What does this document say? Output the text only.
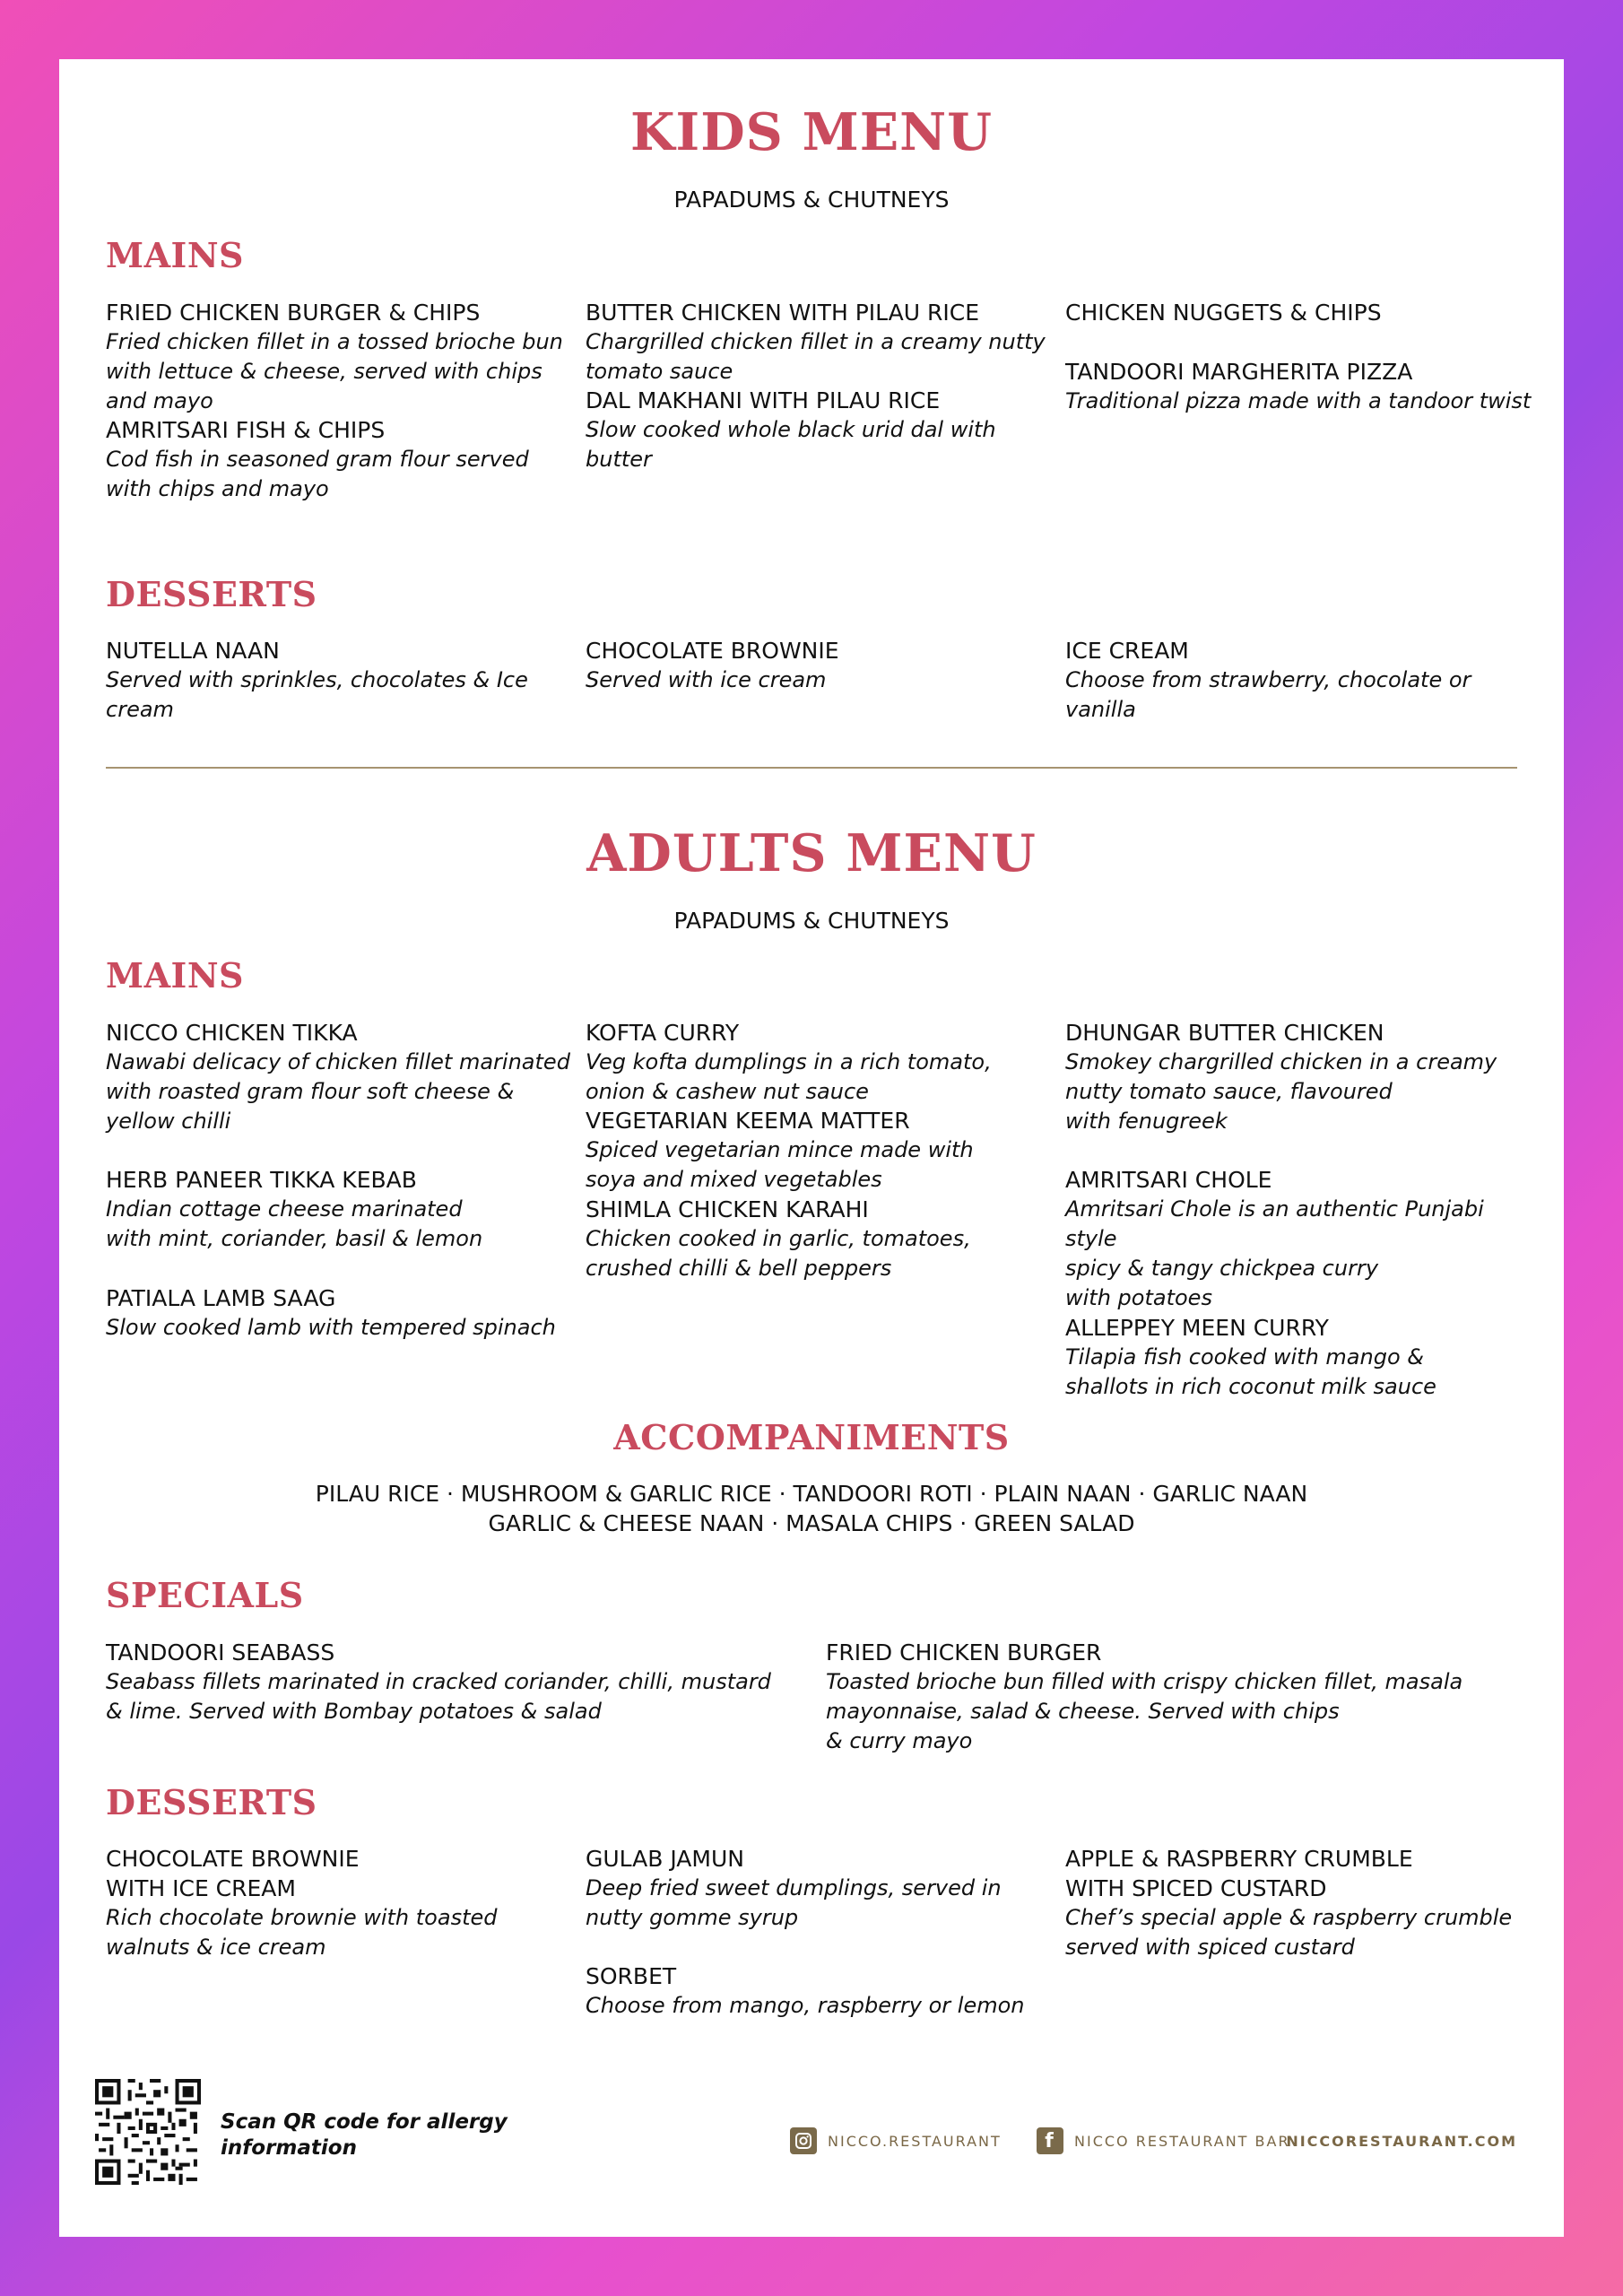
KIDS MENU

PAPADUMS & CHUTNEYS

MAINS

FRIED CHICKEN BURGER & CHIPS

Fried chicken fillet in a tossed brioche bun
with lettuce & cheese, served with chips
and mayo

AMRITSARI FISH & CHIPS

Cod fish in seasoned gram flour served
with chips and mayo

BUTTER CHICKEN WITH PILAU RICE

Chargrilled chicken fillet in a creamy nutty
tomato sauce

DAL MAKHANI WITH PILAU RICE

Slow cooked whole black urid dal with
butter

CHICKEN NUGGETS & CHIPS

TANDOORI MARGHERITA PIZZA

Traditional pizza made with a tandoor twist

DESSERTS

NUTELLA NAAN

Served with sprinkles, chocolates & Ice
cream

CHOCOLATE BROWNIE

Served with ice cream

ICE CREAM

Choose from strawberry, chocolate or
vanilla

ADULTS MENU

PAPADUMS & CHUTNEYS

MAINS

NICCO CHICKEN TIKKA

Nawabi delicacy of chicken fillet marinated
with roasted gram flour soft cheese &
yellow chilli

HERB PANEER TIKKA KEBAB

Indian cottage cheese marinated
with mint, coriander, basil & lemon

PATIALA LAMB SAAG

Slow cooked lamb with tempered spinach

KOFTA CURRY

Veg kofta dumplings in a rich tomato,
onion & cashew nut sauce

VEGETARIAN KEEMA MATTER

Spiced vegetarian mince made with
soya and mixed vegetables

SHIMLA CHICKEN KARAHI

Chicken cooked in garlic, tomatoes,
crushed chilli & bell peppers

DHUNGAR BUTTER CHICKEN

Smokey chargrilled chicken in a creamy
nutty tomato sauce, flavoured
with fenugreek

AMRITSARI CHOLE

Amritsari Chole is an authentic Punjabi style
spicy & tangy chickpea curry
with potatoes

ALLEPPEY MEEN CURRY

Tilapia fish cooked with mango &
shallots in rich coconut milk sauce

ACCOMPANIMENTS
PILAU RICE · MUSHROOM & GARLIC RICE · TANDOORI ROTI · PLAIN NAAN · GARLIC NAAN
GARLIC & CHEESE NAAN · MASALA CHIPS · GREEN SALAD
SPECIALS

TANDOORI SEABASS

Seabass fillets marinated in cracked coriander, chilli, mustard
& lime. Served with Bombay potatoes & salad

FRIED CHICKEN BURGER

Toasted brioche bun filled with crispy chicken fillet, masala
mayonnaise, salad & cheese. Served with chips
& curry mayo

DESSERTS

CHOCOLATE BROWNIE
WITH ICE CREAM

Rich chocolate brownie with toasted
walnuts & ice cream

GULAB JAMUN

Deep fried sweet dumplings, served in
nutty gomme syrup

SORBET

Choose from mango, raspberry or lemon

APPLE & RASPBERRY CRUMBLE
WITH SPICED CUSTARD

Chef’s special apple & raspberry crumble
served with spiced custard

Scan QR code for allergy information	NICCO.RESTAURANT	f	NICCO RESTAURANT BAR
NICCORESTAURANT.COM
